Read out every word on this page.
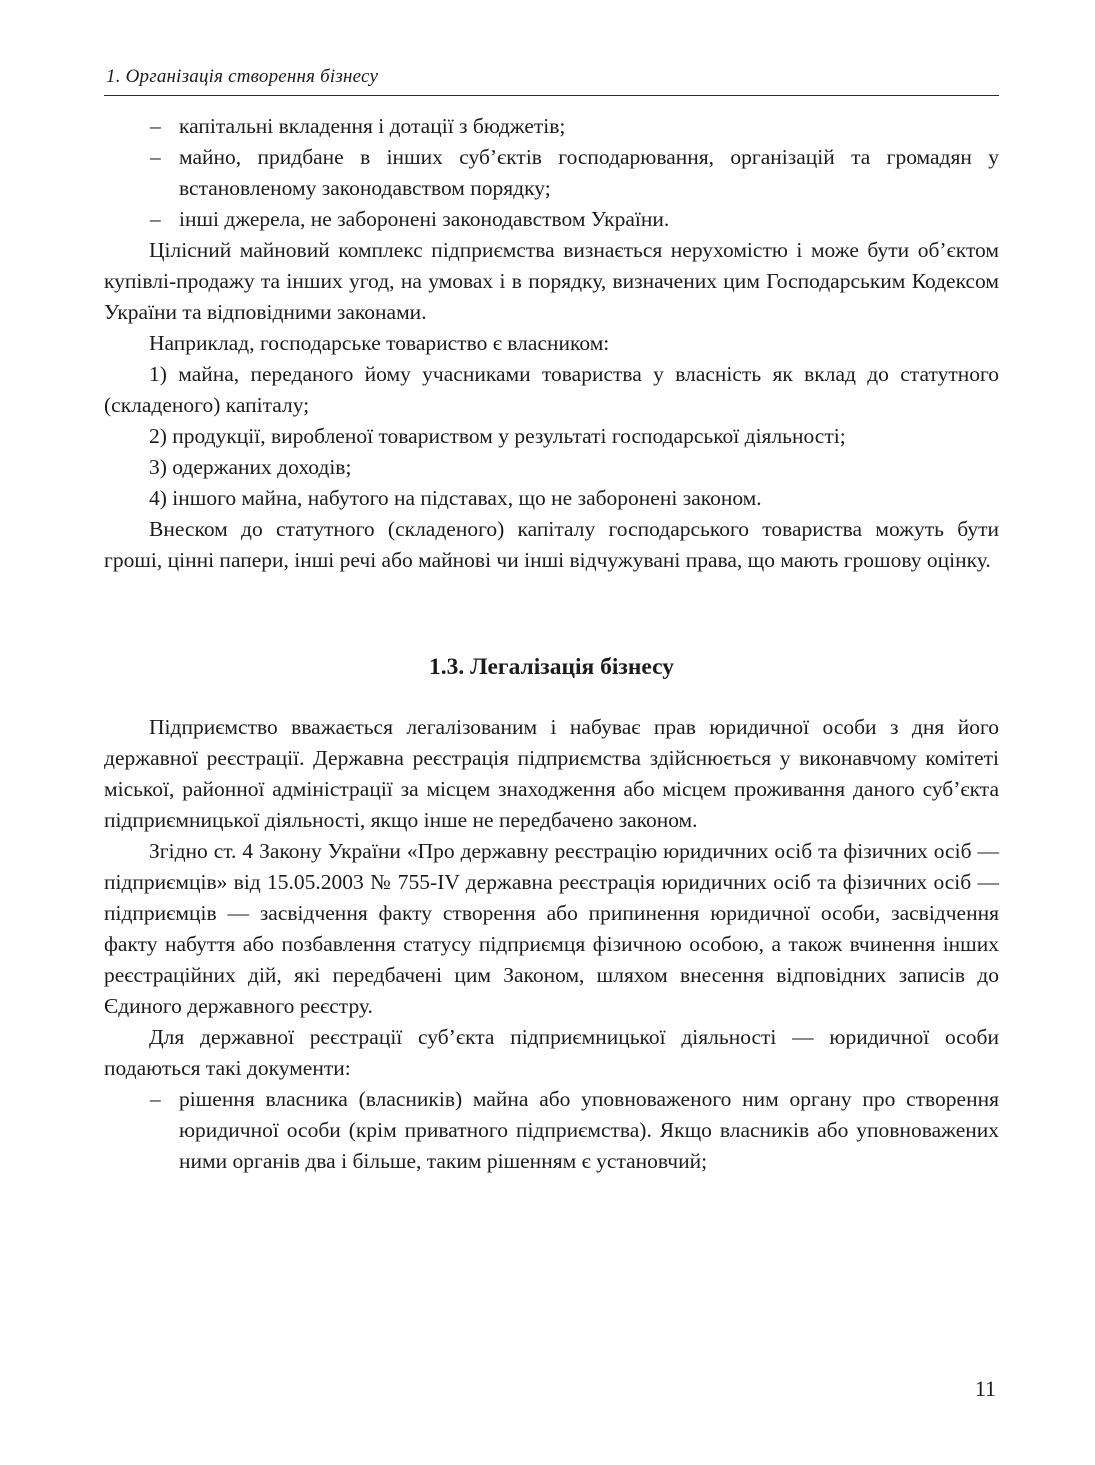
1. Організація створення бізнесу
– капітальні вкладення і дотації з бюджетів;
– майно, придбане в інших суб’єктів господарювання, організацій та громадян у встановленому законодавством порядку;
– інші джерела, не заборонені законодавством України.

Цілісний майновий комплекс підприємства визнається нерухомістю і може бути об’єктом купівлі-продажу та інших угод, на умовах і в порядку, визначених цим Господарським Кодексом України та відповідними законами.

Наприклад, господарське товариство є власником:

1) майна, переданого йому учасниками товариства у власність як вклад до статутного (складеного) капіталу;

2) продукції, виробленої товариством у результаті господарської діяльності;

3) одержаних доходів;

4) іншого майна, набутого на підставах, що не заборонені законом.

Внеском до статутного (складеного) капіталу господарського товариства можуть бути гроші, цінні папери, інші речі або майнові чи інші відчужувані права, що мають грошову оцінку.

1.3. Легалізація бізнесу

Підприємство вважається легалізованим і набуває прав юридичної особи з дня його державної реєстрації. Державна реєстрація підприємства здійснюється у виконавчому комітеті міської, районної адміністрації за місцем знаходження або місцем проживання даного суб’єкта підприємницької діяльності, якщо інше не передбачено законом.

Згідно ст. 4 Закону України «Про державну реєстрацію юридичних осіб та фізичних осіб — підприємців» від 15.05.2003 № 755-IV державна реєстрація юридичних осіб та фізичних осіб — підприємців — засвідчення факту створення або припинення юридичної особи, засвідчення факту набуття або позбавлення статусу підприємця фізичною особою, а також вчинення інших реєстраційних дій, які передбачені цим Законом, шляхом внесення відповідних записів до Єдиного державного реєстру.

Для державної реєстрації суб’єкта підприємницької діяльності — юридичної особи подаються такі документи:

– рішення власника (власників) майна або уповноваженого ним органу про створення юридичної особи (крім приватного підприємства). Якщо власників або уповноважених ними органів два і більше, таким рішенням є установчий;
11
